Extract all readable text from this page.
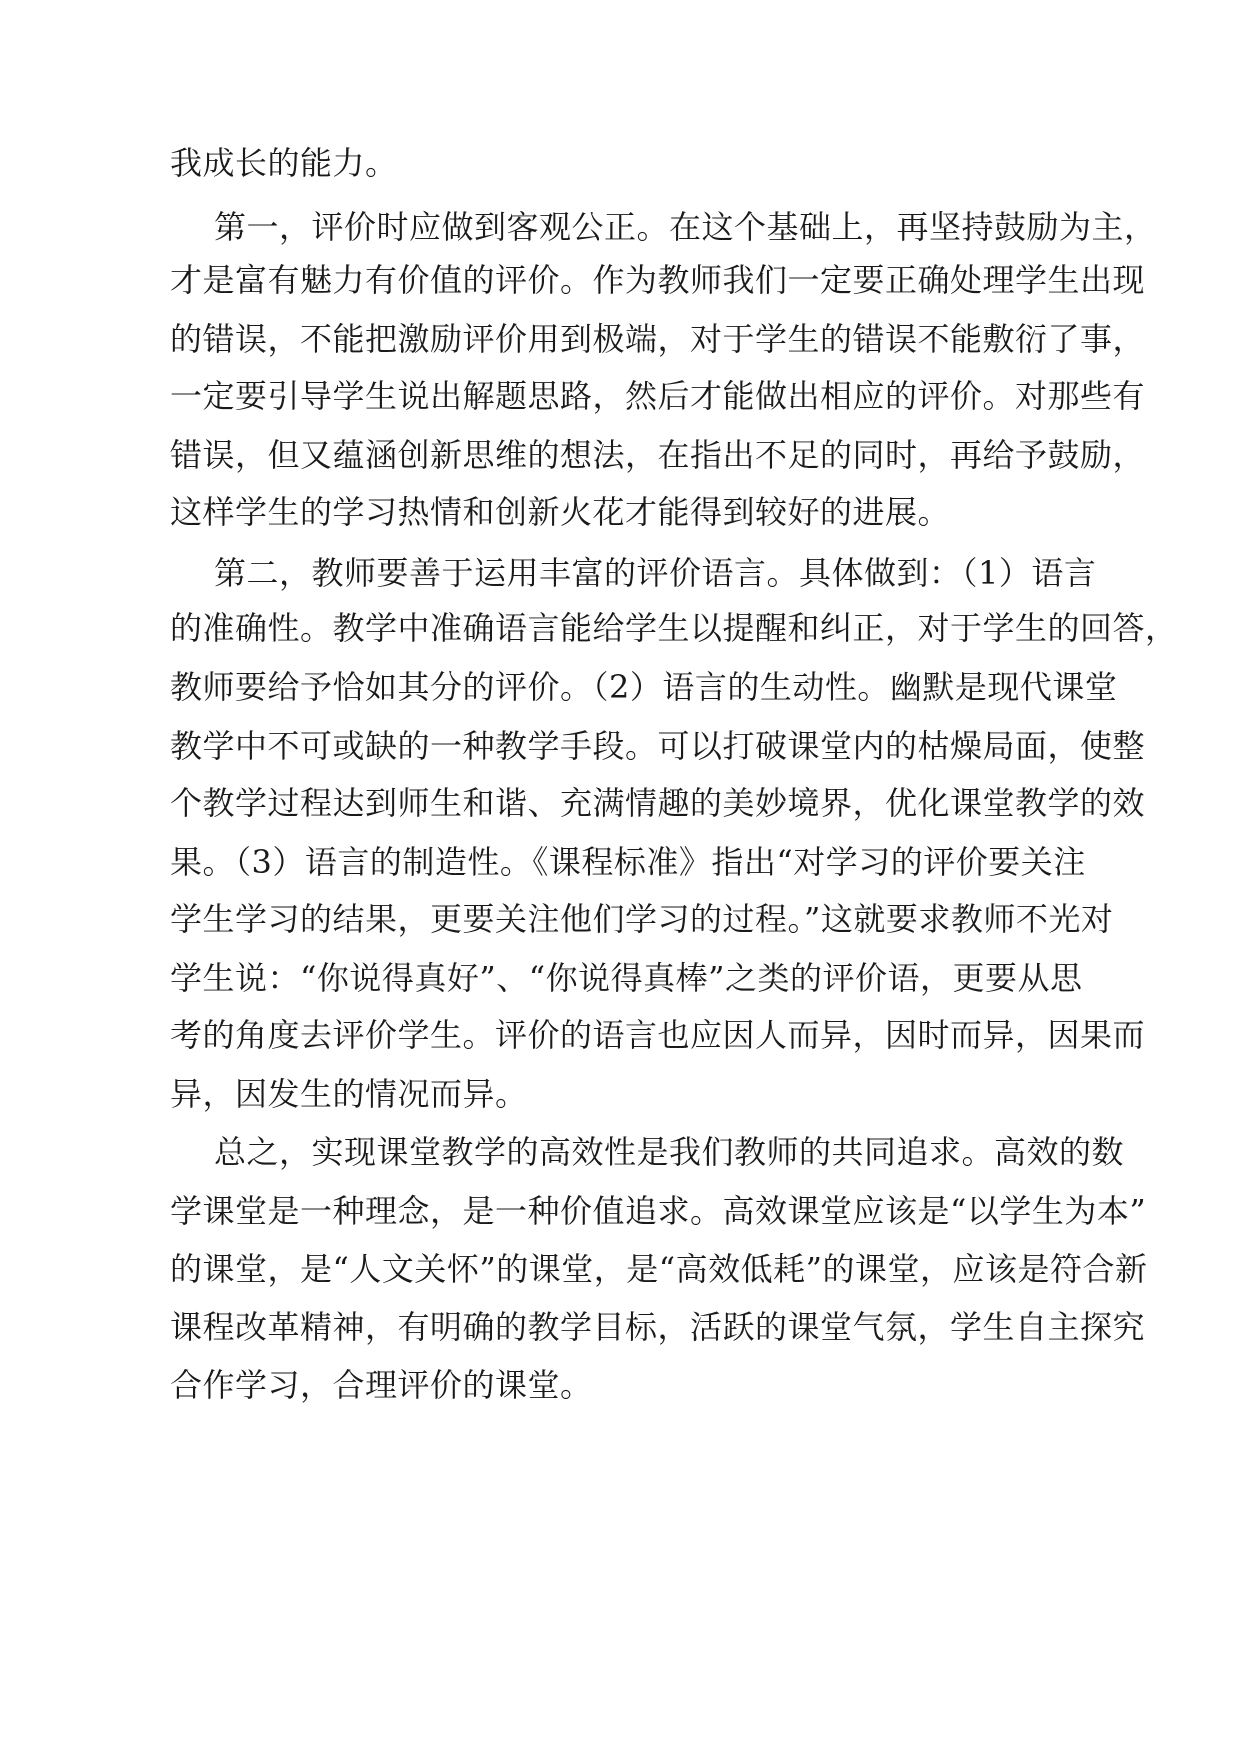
我成长的能力。
第一，评价时应做到客观公正。在这个基础上，再坚持鼓励为主，
才是富有魅力有价值的评价。作为教师我们一定要正确处理学生出现
的错误，不能把激励评价用到极端，对于学生的错误不能敷衍了事，
一定要引导学生说出解题思路，然后才能做出相应的评价。对那些有
错误，但又蕴涵创新思维的想法，在指出不足的同时，再给予鼓励，
这样学生的学习热情和创新火花才能得到较好的进展。
第二，教师要善于运用丰富的评价语言。具体做到：（1）语言
的准确性。教学中准确语言能给学生以提醒和纠正，对于学生的回答，
教师要给予恰如其分的评价。（2）语言的生动性。幽默是现代课堂
教学中不可或缺的一种教学手段。可以打破课堂内的枯燥局面，使整
个教学过程达到师生和谐、充满情趣的美妙境界，优化课堂教学的效
果。（3）语言的制造性。《课程标准》指出“对学习的评价要关注
学生学习的结果，更要关注他们学习的过程。”这就要求教师不光对
学生说：“你说得真好”、“你说得真棒”之类的评价语，更要从思
考的角度去评价学生。评价的语言也应因人而异，因时而异，因果而
异，因发生的情况而异。
总之，实现课堂教学的高效性是我们教师的共同追求。高效的数
学课堂是一种理念，是一种价值追求。高效课堂应该是“以学生为本”
的课堂，是“人文关怀”的课堂，是“高效低耗”的课堂，应该是符合新
课程改革精神，有明确的教学目标，活跃的课堂气氛，学生自主探究
合作学习，合理评价的课堂。
